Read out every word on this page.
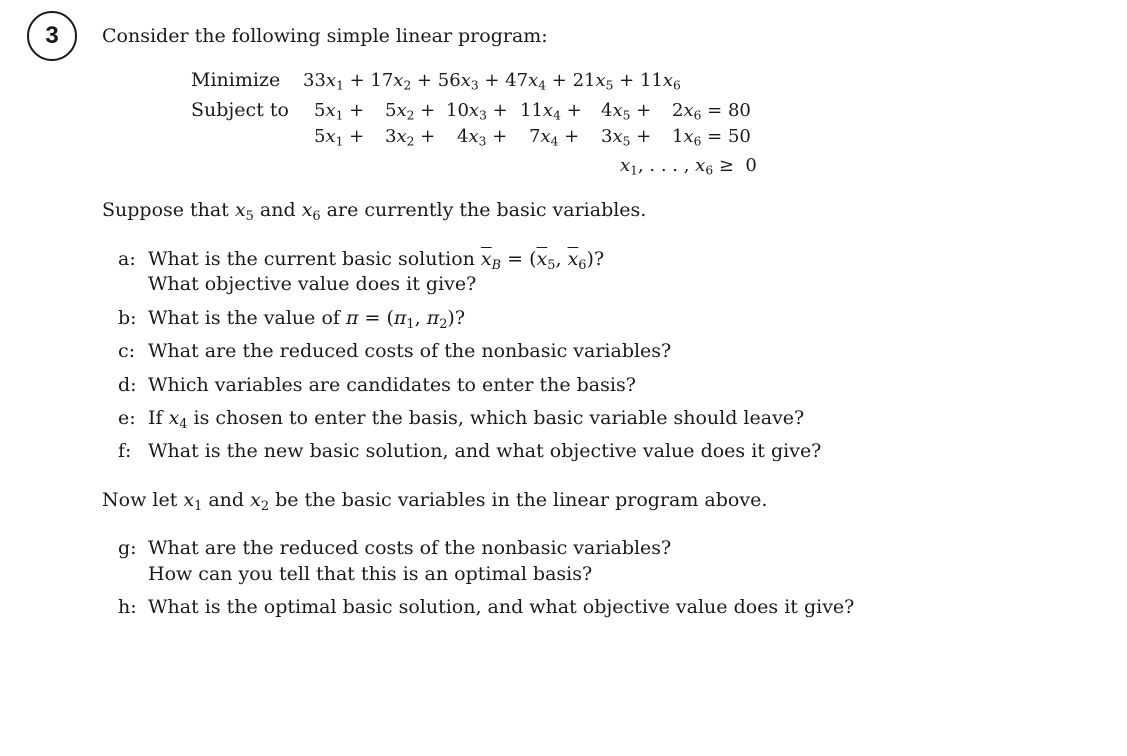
3 Consider the following simple linear program:
Minimize
Subject to
$33x_1 + 17x_2 + 56x_3 + 47x_4 + 21x_5 + 11x_6$
$5x_1 + 5x_2 + 10x_3 + 11x_4 + 4x_5 + 2x_6 = 80$
$5x_1 + 3x_2 + 4x_3 + 7x_4 + 3x_5 + 1x_6 = 50$
$x_1$, . . . , $x_6 \ge 0$
Suppose that $x_5$ and $x_6$ are currently the basic variables.
a: What is the current basic solution $\overline{x}_B = (\overline{x}_5$, $\overline{x}_6$)?
What objective value does it give?
b: What is the value of $\pi = (\pi_1$, $\pi_2$)?
c: What are the reduced costs of the nonbasic variables?
d: Which variables are candidates to enter the basis?
e: If $x_4$ is chosen to enter the basis, which basic variable should leave?
f: What is the new basic solution, and what objective value does it give?
Now let $x_1$ and $x_2$ be the basic variables in the linear program above.
g: What are the reduced costs of the nonbasic variables?
How can you tell that this is an optimal basis?
h: What is the optimal basic solution, and what objective value does it give?
